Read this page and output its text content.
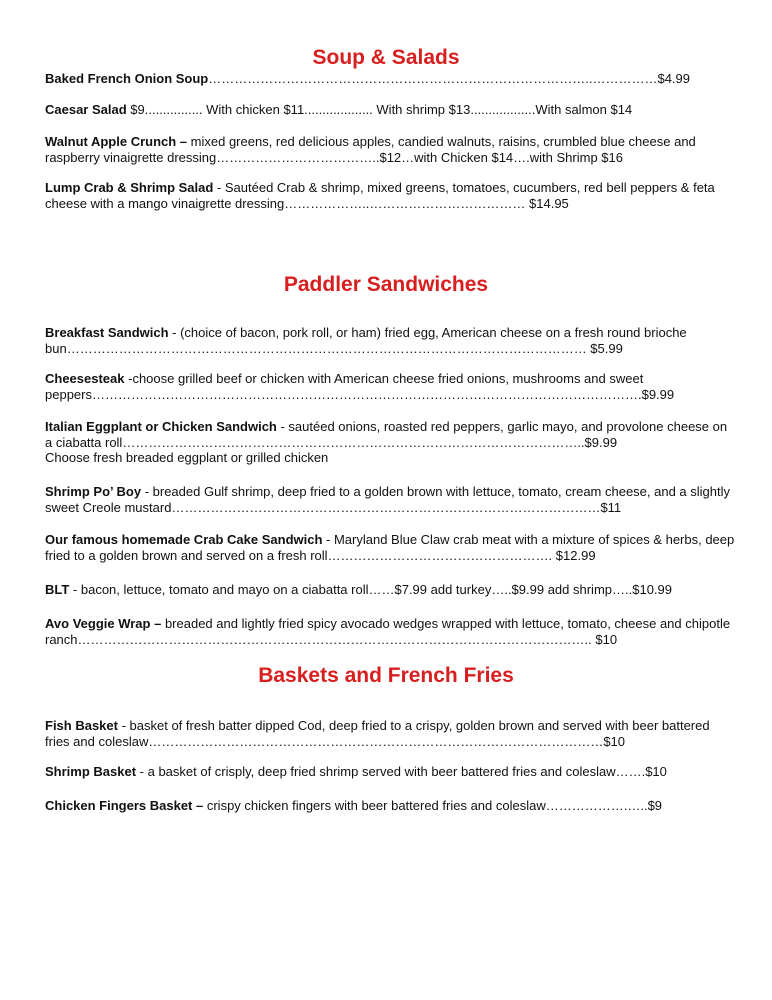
Soup & Salads

Baked French Onion Soup……………………………………………………………………………..……………$4.99

Caesar Salad $9................ With chicken $11................... With shrimp $13..................With salmon $14

Walnut Apple Crunch – mixed greens, red delicious apples, candied walnuts, raisins, crumbled blue cheese and raspberry vinaigrette dressing………………………………..$12…with Chicken $14….with Shrimp $16

Lump Crab & Shrimp Salad - Sautéed Crab & shrimp, mixed greens, tomatoes, cucumbers, red bell peppers & feta cheese with a mango vinaigrette dressing………………..……………………………… $14.95

Paddler Sandwiches

Breakfast Sandwich - (choice of bacon, pork roll, or ham) fried egg, American cheese on a fresh round brioche bun………………………………………………………………………………………………………… $5.99

Cheesesteak -choose grilled beef or chicken with American cheese fried onions, mushrooms and sweet peppers……………………………………………………………………………………………………………….$9.99

Italian Eggplant or Chicken Sandwich - sautéed onions, roasted red peppers, garlic mayo, and provolone cheese on a ciabatta roll……………………………………………………………………………………………..$9.99
Choose fresh breaded eggplant or grilled chicken

Shrimp Po’ Boy - breaded Gulf shrimp, deep fried to a golden brown with lettuce, tomato, cream cheese, and a slightly sweet Creole mustard………………………………………………………………………………………$11

Our famous homemade Crab Cake Sandwich - Maryland Blue Claw crab meat with a mixture of spices & herbs, deep fried to a golden brown and served on a fresh roll……………………………………………. $12.99

BLT - bacon, lettuce, tomato and mayo on a ciabatta roll……$7.99 add turkey…..$9.99 add shrimp…..$10.99

Avo Veggie Wrap – breaded and lightly fried spicy avocado wedges wrapped with lettuce, tomato, cheese and chipotle ranch……………………………………………………………………………………………………….. $10

Baskets and French Fries

Fish Basket - basket of fresh batter dipped Cod, deep fried to a crispy, golden brown and served with beer battered fries and coleslaw……………………………………………………………………………………………$10

Shrimp Basket - a basket of crisply, deep fried shrimp served with beer battered fries and coleslaw…….$10

Chicken Fingers Basket – crispy chicken fingers with beer battered fries and coleslaw……………….…..$9
